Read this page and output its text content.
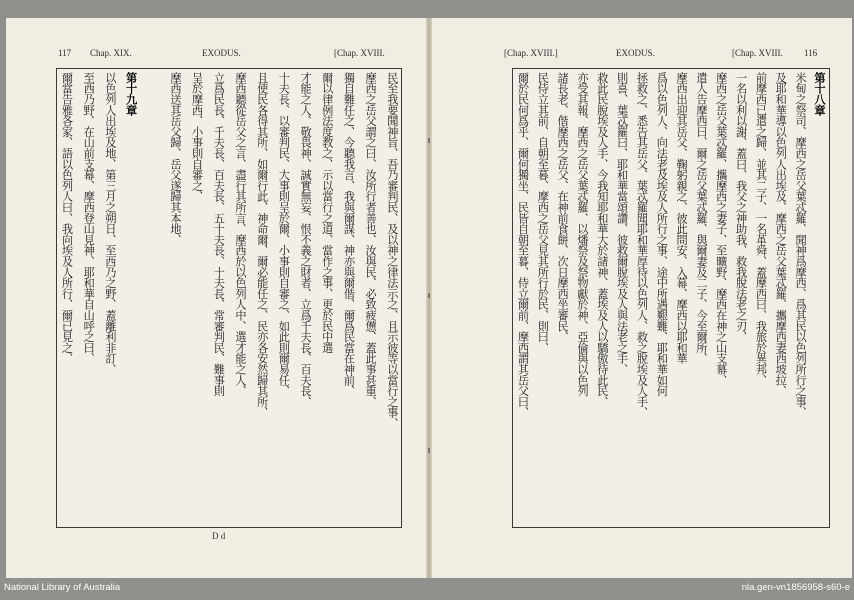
117 Chap. XIX.	EXODUS.	[Chap. XVIII.
民至我要聞神旨、吾乃審判民、及以神之律法示之、且示彼等以當行之事、
摩西之岳父謂之曰、汝所行者善也、汝與民、必致疲憊、蓋此事甚重、
獨自難任之、今聽我言、我與爾謀、神亦與爾偕、爾爲民當在神前、
爾以律例法度教之、示以當行之道、當作之事、更於民中選
才能之人、敬畏神、誠實無妄、恨不義之財者、立爲千夫長、百夫長、
十夫長、以審判民、大事則呈於爾、小事則自審之、如此則爾易任、
且使民各得其所、如爾行此、神命爾、爾必能任之、民亦各安然歸其所、
摩西聽從岳父之言、盡行其所言、摩西於以色列人中、選才能之人、
立爲民長、千夫長、百夫長、五十夫長、十夫長、常審判民、難事則
呈於摩西、小事則自審之、
摩西送其岳父歸、岳父遂歸其本地、
第十九章
以色列人出埃及地、第三月之朔日、至西乃之野、蓋離利非訂、
至西乃野、在山前支幕、摩西登山見神、耶和華自山呼之曰、
爾當告雅各家、語以色列人曰、我向埃及人所行、爾已見之、
D d
[Chap. XVIII.]	EXODUS.	[Chap. XVIII. 116
第十八章
米甸之祭司、摩西之岳父葉忒羅、聞神爲摩西、爲其民以色列所行之事、
及耶和華導以色列人出埃及、摩西之岳父葉忒羅、攜摩西妻西坡拉、
前摩西已遣之歸、並其二子、一名革舜、蓋摩西曰、我旅於異邦、
一名以利以謝、蓋曰、我父之神助我、救我脫法老之刃、
摩西之岳父葉忒羅、攜摩西之妻子、至曠野、摩西在神之山支幕、
遣人告摩西曰、爾之岳父葉忒羅、與爾妻及二子、今至爾所、
摩西出迎其岳父、鞠躬親之、彼此問安、入幕、摩西以耶和華
爲以色列人、向法老及埃及人所行之事、途中所遇艱難、耶和華如何
拯救之、悉告其岳父、葉忒羅聞耶和華厚待以色列人、救之脫埃及人手、
則喜、葉忒羅曰、耶和華當頌讚、彼救爾脫埃及人與法老之手、
救此民脫埃及人手、今我知耶和華大於諸神、蓋埃及人以驕傲待此民、
亦受其報、摩西之岳父葉忒羅、以燔祭及祭物獻於神、亞倫與以色列
諸長老、偕摩西之岳父、在神前食餅、次日摩西坐審民、
民侍立其前、自朝至暮、摩西之岳父見其所行於民、則曰、
爾於民何爲乎、爾何獨坐、民皆自朝至暮、侍立爾前、摩西謂其岳父曰、
National Library of Australia	nla.gen-vn1856958-s60-e
